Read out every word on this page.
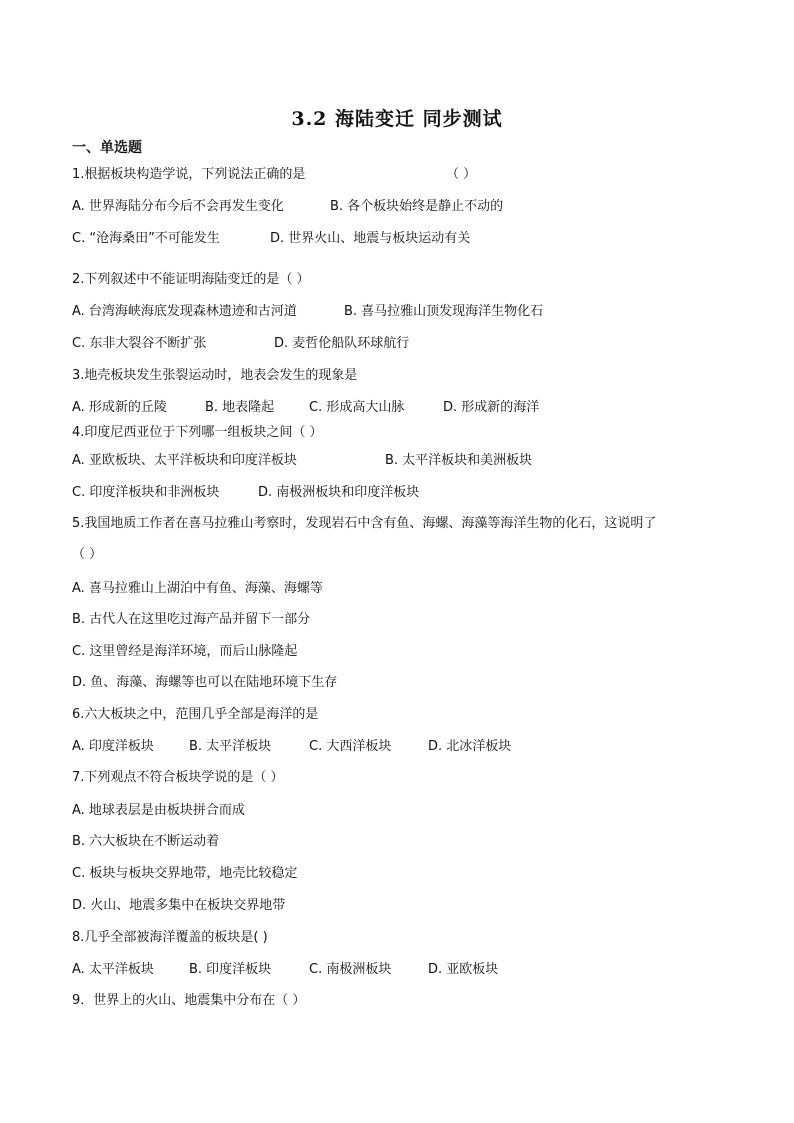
3.2 海陆变迁 同步测试
一、单选题
1.根据板块构造学说，下列说法正确的是	（ ）
A. 世界海陆分布今后不会再发生变化	B. 各个板块始终是静止不动的
C. “沧海桑田”不可能发生	D. 世界火山、地震与板块运动有关
2.下列叙述中不能证明海陆变迁的是（ ）
A. 台湾海峡海底发现森林遗迹和古河道	B. 喜马拉雅山顶发现海洋生物化石
C. 东非大裂谷不断扩张	D. 麦哲伦船队环球航行
3.地壳板块发生张裂运动时，地表会发生的现象是
A. 形成新的丘陵	B. 地表隆起	C. 形成高大山脉	D. 形成新的海洋
4.印度尼西亚位于下列哪一组板块之间（ ）
A. 亚欧板块、太平洋板块和印度洋板块	B. 太平洋板块和美洲板块
C. 印度洋板块和非洲板块	D. 南极洲板块和印度洋板块
5.我国地质工作者在喜马拉雅山考察时，发现岩石中含有鱼、海螺、海藻等海洋生物的化石，这说明了
（ ）
A. 喜马拉雅山上湖泊中有鱼、海藻、海螺等
B. 古代人在这里吃过海产品并留下一部分
C. 这里曾经是海洋环境，而后山脉隆起
D. 鱼、海藻、海螺等也可以在陆地环境下生存
6.六大板块之中，范围几乎全部是海洋的是
A. 印度洋板块	B. 太平洋板块	C. 大西洋板块	D. 北冰洋板块
7.下列观点不符合板块学说的是（ ）
A. 地球表层是由板块拼合而成
B. 六大板块在不断运动着
C. 板块与板块交界地带，地壳比较稳定
D. 火山、地震多集中在板块交界地带
8.几乎全部被海洋覆盖的板块是( )
A. 太平洋板块	B. 印度洋板块	C. 南极洲板块	D. 亚欧板块
9．世界上的火山、地震集中分布在（ ）
